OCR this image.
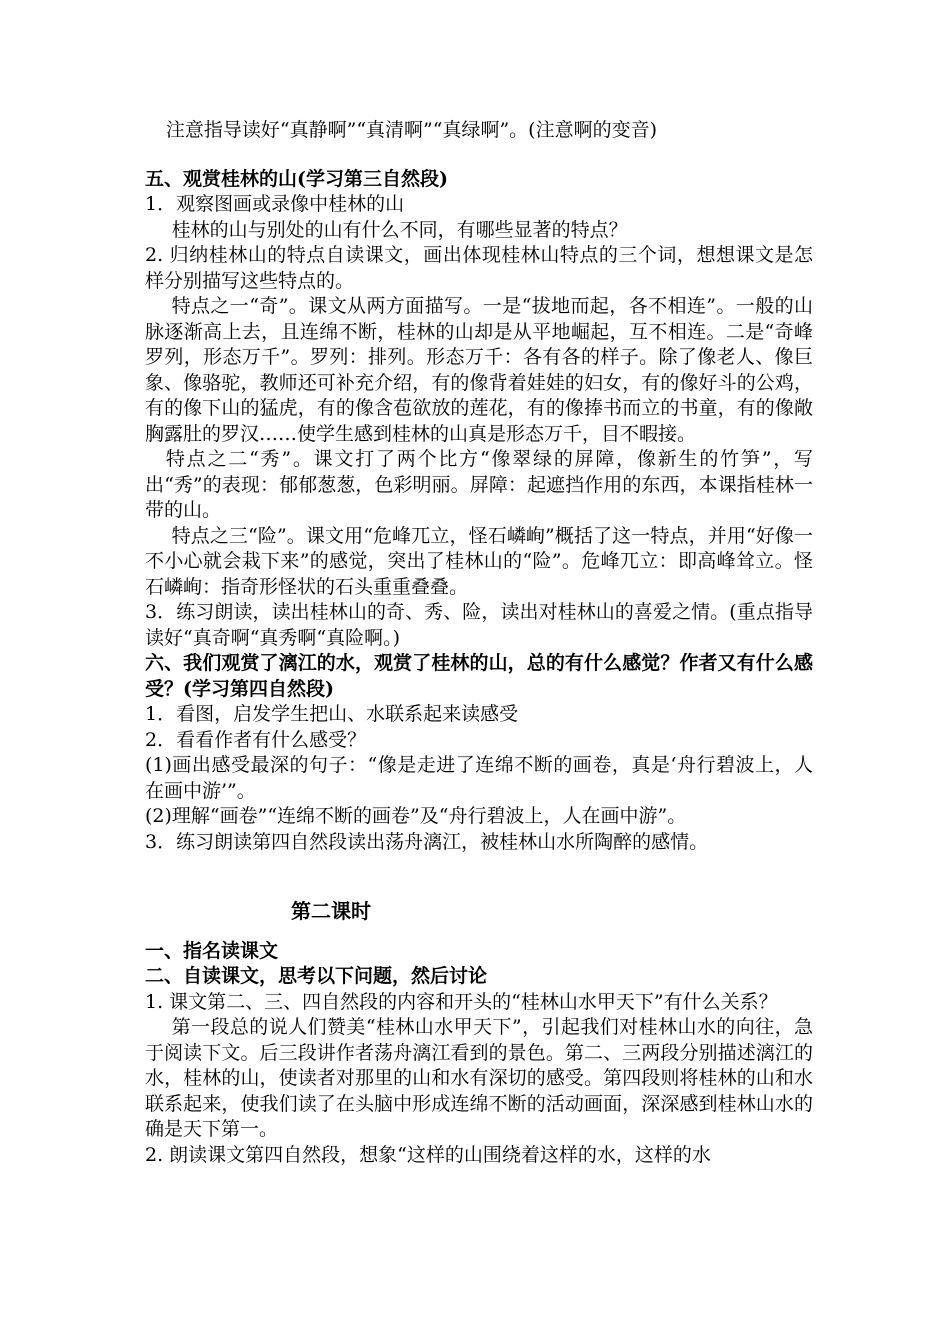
注意指导读好“真静啊”“真清啊”“真绿啊”。(注意啊的变音)

五、观赏桂林的山(学习第三自然段)

1．观察图画或录像中桂林的山

桂林的山与别处的山有什么不同，有哪些显著的特点？

2. 归纳桂林山的特点自读课文，画出体现桂林山特点的三个词，想想课文是怎样分别描写这些特点的。

特点之一“奇”。课文从两方面描写。一是“拔地而起，各不相连”。一般的山脉逐渐高上去，且连绵不断，桂林的山却是从平地崛起，互不相连。二是“奇峰罗列，形态万千”。罗列：排列。形态万千：各有各的样子。除了像老人、像巨象、像骆驼，教师还可补充介绍，有的像背着娃娃的妇女，有的像好斗的公鸡，有的像下山的猛虎，有的像含苞欲放的莲花，有的像捧书而立的书童，有的像敞胸露肚的罗汉……使学生感到桂林的山真是形态万千，目不暇接。

特点之二“秀”。课文打了两个比方“像翠绿的屏障，像新生的竹笋”，写出“秀”的表现：郁郁葱葱，色彩明丽。屏障：起遮挡作用的东西，本课指桂林一带的山。

特点之三“险”。课文用“危峰兀立，怪石嶙峋”概括了这一特点，并用“好像一不小心就会栽下来”的感觉，突出了桂林山的“险”。危峰兀立：即高峰耸立。怪石嶙峋：指奇形怪状的石头重重叠叠。

3．练习朗读，读出桂林山的奇、秀、险，读出对桂林山的喜爱之情。(重点指导读好“真奇啊“真秀啊“真险啊。)

六、我们观赏了漓江的水，观赏了桂林的山，总的有什么感觉？作者又有什么感受？(学习第四自然段)

1．看图，启发学生把山、水联系起来读感受

2．看看作者有什么感受？

(1)画出感受最深的句子：“像是走进了连绵不断的画卷，真是‘舟行碧波上，人在画中游’”。

(2)理解“画卷”“连绵不断的画卷”及“舟行碧波上，人在画中游”。

3．练习朗读第四自然段读出荡舟漓江，被桂林山水所陶醉的感情。

第二课时

一、指名读课文

二、自读课文，思考以下问题，然后讨论

1. 课文第二、三、四自然段的内容和开头的“桂林山水甲天下”有什么关系？

第一段总的说人们赞美“桂林山水甲天下”，引起我们对桂林山水的向往，急于阅读下文。后三段讲作者荡舟漓江看到的景色。第二、三两段分别描述漓江的水，桂林的山，使读者对那里的山和水有深切的感受。第四段则将桂林的山和水联系起来，使我们读了在头脑中形成连绵不断的活动画面，深深感到桂林山水的确是天下第一。

2. 朗读课文第四自然段，想象“这样的山围绕着这样的水，这样的水
